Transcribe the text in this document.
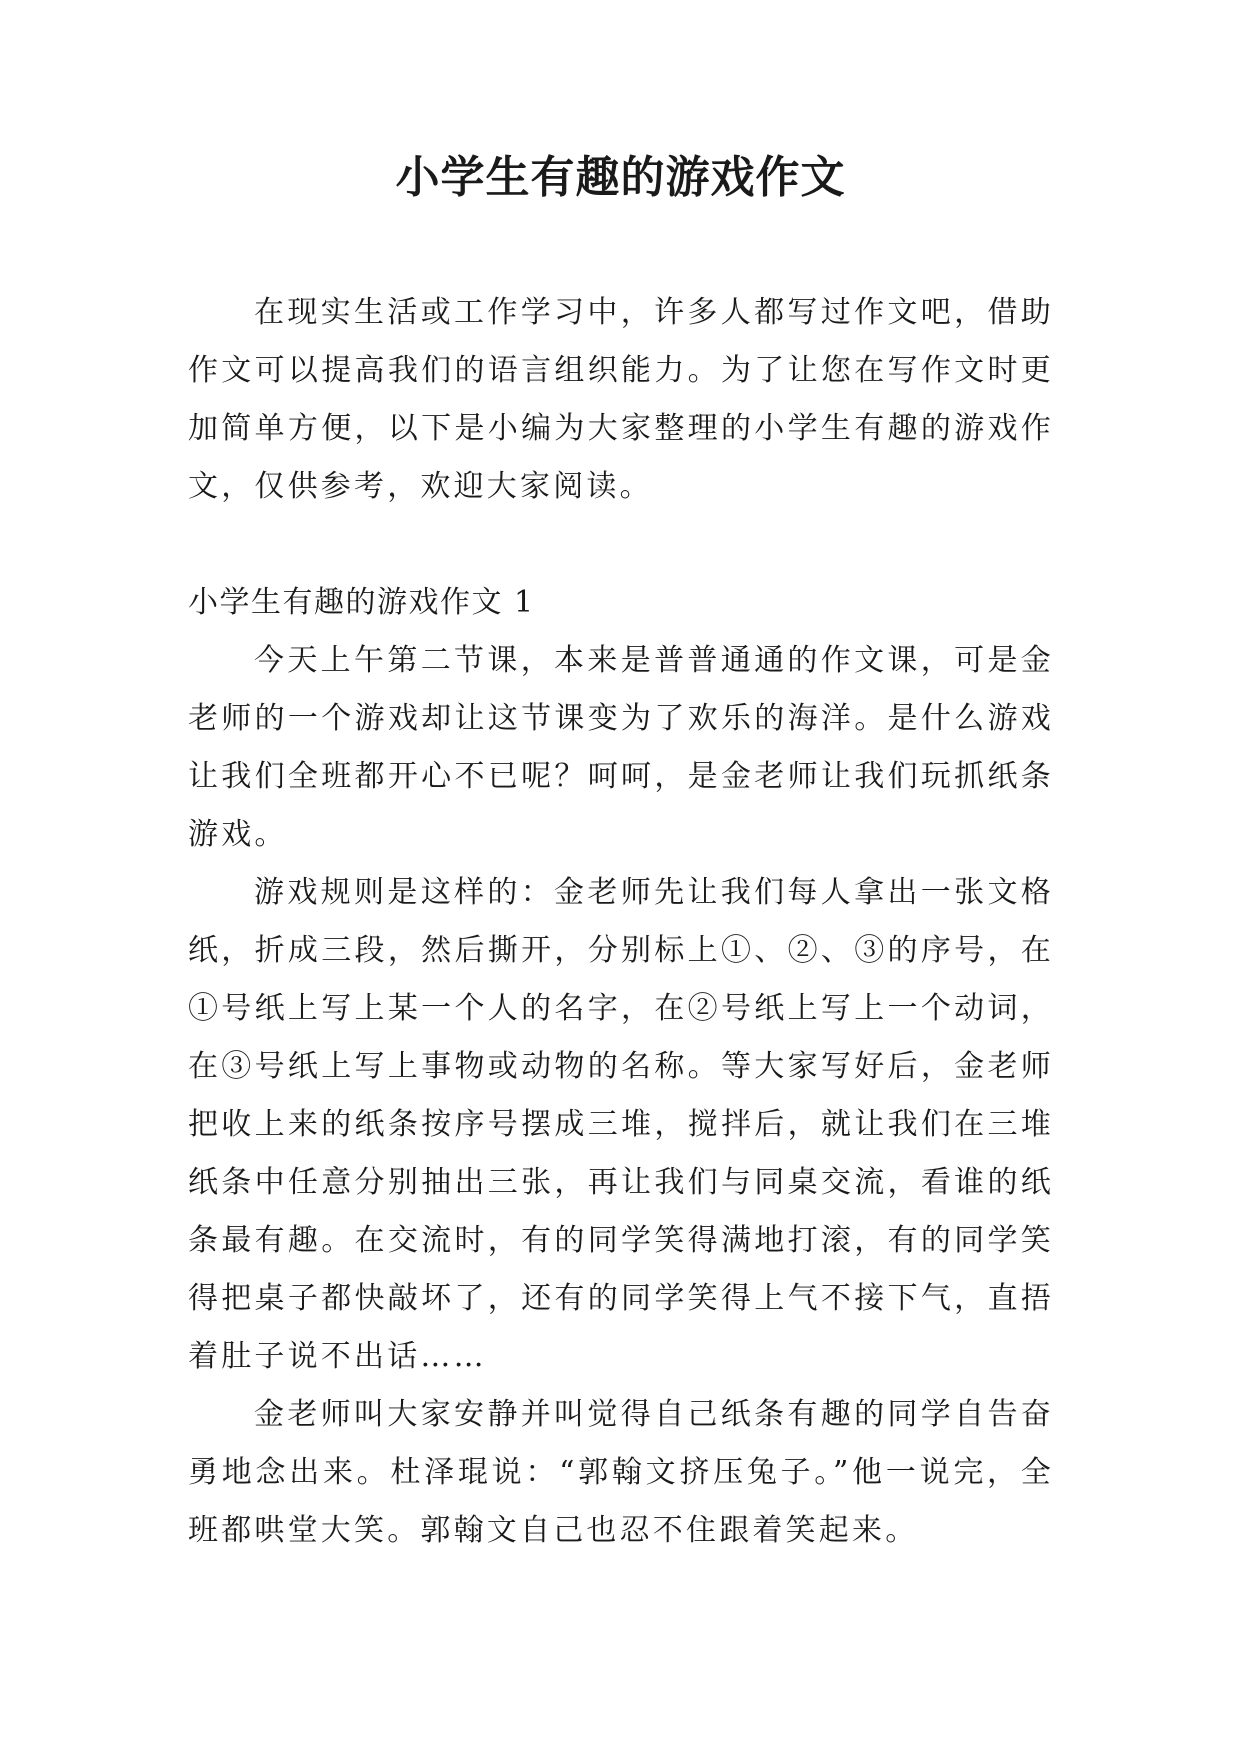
小学生有趣的游戏作文

在现实生活或工作学习中，许多人都写过作文吧，借助作文可以提高我们的语言组织能力。为了让您在写作文时更加简单方便，以下是小编为大家整理的小学生有趣的游戏作文，仅供参考，欢迎大家阅读。

小学生有趣的游戏作文 1

今天上午第二节课，本来是普普通通的作文课，可是金老师的一个游戏却让这节课变为了欢乐的海洋。是什么游戏让我们全班都开心不已呢？呵呵，是金老师让我们玩抓纸条游戏。

游戏规则是这样的：金老师先让我们每人拿出一张文格纸，折成三段，然后撕开，分别标上①、②、③的序号，在①号纸上写上某一个人的名字，在②号纸上写上一个动词，在③号纸上写上事物或动物的名称。等大家写好后，金老师把收上来的纸条按序号摆成三堆，搅拌后，就让我们在三堆纸条中任意分别抽出三张，再让我们与同桌交流，看谁的纸条最有趣。在交流时，有的同学笑得满地打滚，有的同学笑得把桌子都快敲坏了，还有的同学笑得上气不接下气，直捂着肚子说不出话……

金老师叫大家安静并叫觉得自己纸条有趣的同学自告奋勇地念出来。杜泽琨说：“郭翰文挤压兔子。”他一说完，全班都哄堂大笑。郭翰文自己也忍不住跟着笑起来。
